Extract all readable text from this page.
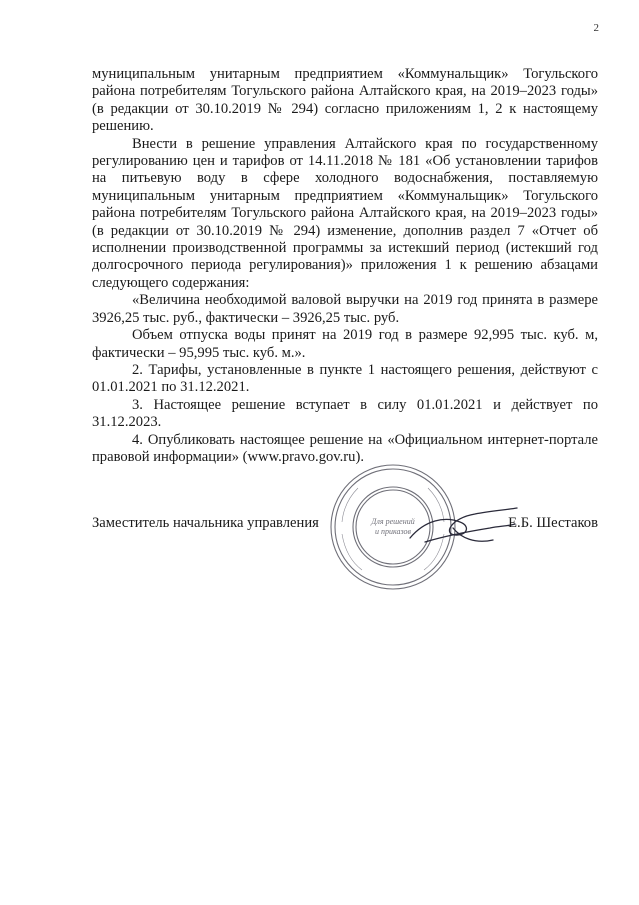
2

муниципальным унитарным предприятием «Коммунальщик» Тогульского района потребителям Тогульского района Алтайского края, на 2019–2023 годы» (в редакции от 30.10.2019 № 294) согласно приложениям 1, 2 к настоящему решению.

Внести в решение управления Алтайского края по государственному регулированию цен и тарифов от 14.11.2018 № 181 «Об установлении тарифов на питьевую воду в сфере холодного водоснабжения, поставляемую муниципальным унитарным предприятием «Коммунальщик» Тогульского района потребителям Тогульского района Алтайского края, на 2019–2023 годы» (в редакции от 30.10.2019 № 294) изменение, дополнив раздел 7 «Отчет об исполнении производственной программы за истекший период (истекший год долгосрочного периода регулирования)» приложения 1 к решению абзацами следующего содержания:

«Величина необходимой валовой выручки на 2019 год принята в размере 3926,25 тыс. руб., фактически – 3926,25 тыс. руб.

Объем отпуска воды принят на 2019 год в размере 92,995 тыс. куб. м, фактически – 95,995 тыс. куб. м.».

2. Тарифы, установленные в пункте 1 настоящего решения, действуют с 01.01.2021 по 31.12.2021.

3. Настоящее решение вступает в силу 01.01.2021 и действует по 31.12.2023.

4. Опубликовать настоящее решение на «Официальном интернет-портале правовой информации» (www.pravo.gov.ru).

Для решений
и приказов
Заместитель начальника управления	Е.Б. Шестаков
